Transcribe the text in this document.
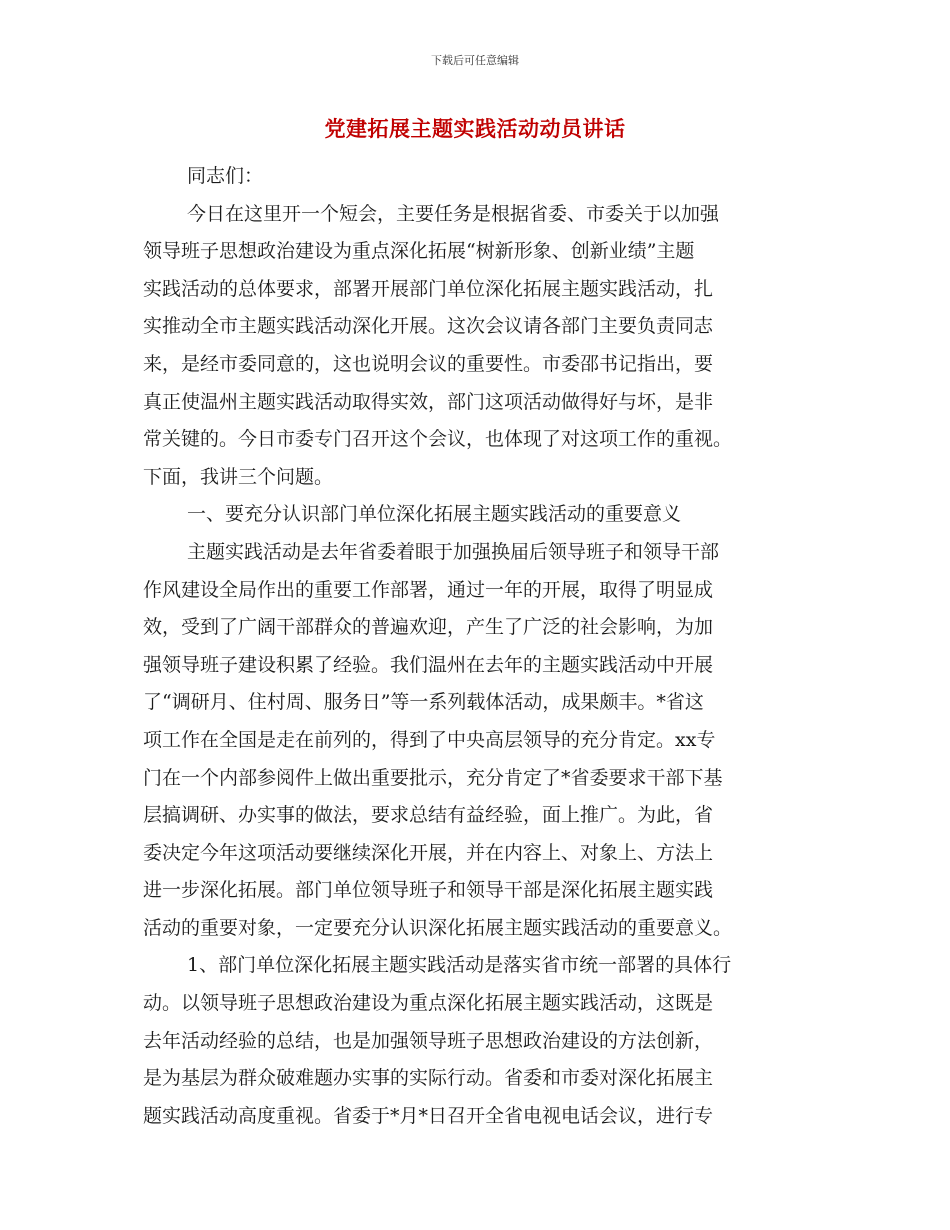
下载后可任意编辑
党建拓展主题实践活动动员讲话
同志们：
今日在这里开一个短会，主要任务是根据省委、市委关于以加强
领导班子思想政治建设为重点深化拓展“树新形象、创新业绩”主题
实践活动的总体要求，部署开展部门单位深化拓展主题实践活动，扎
实推动全市主题实践活动深化开展。这次会议请各部门主要负责同志
来，是经市委同意的，这也说明会议的重要性。市委邵书记指出，要
真正使温州主题实践活动取得实效，部门这项活动做得好与坏，是非
常关键的。今日市委专门召开这个会议，也体现了对这项工作的重视。
下面，我讲三个问题。
一、要充分认识部门单位深化拓展主题实践活动的重要意义
主题实践活动是去年省委着眼于加强换届后领导班子和领导干部
作风建设全局作出的重要工作部署，通过一年的开展，取得了明显成
效，受到了广阔干部群众的普遍欢迎，产生了广泛的社会影响，为加
强领导班子建设积累了经验。我们温州在去年的主题实践活动中开展
了“调研月、住村周、服务日”等一系列载体活动，成果颇丰。*省这
项工作在全国是走在前列的，得到了中央高层领导的充分肯定。xx专
门在一个内部参阅件上做出重要批示，充分肯定了*省委要求干部下基
层搞调研、办实事的做法，要求总结有益经验，面上推广。为此，省
委决定今年这项活动要继续深化开展，并在内容上、对象上、方法上
进一步深化拓展。部门单位领导班子和领导干部是深化拓展主题实践
活动的重要对象，一定要充分认识深化拓展主题实践活动的重要意义。
1、部门单位深化拓展主题实践活动是落实省市统一部署的具体行
动。以领导班子思想政治建设为重点深化拓展主题实践活动，这既是
去年活动经验的总结，也是加强领导班子思想政治建设的方法创新，
是为基层为群众破难题办实事的实际行动。省委和市委对深化拓展主
题实践活动高度重视。省委于*月*日召开全省电视电话会议，进行专
